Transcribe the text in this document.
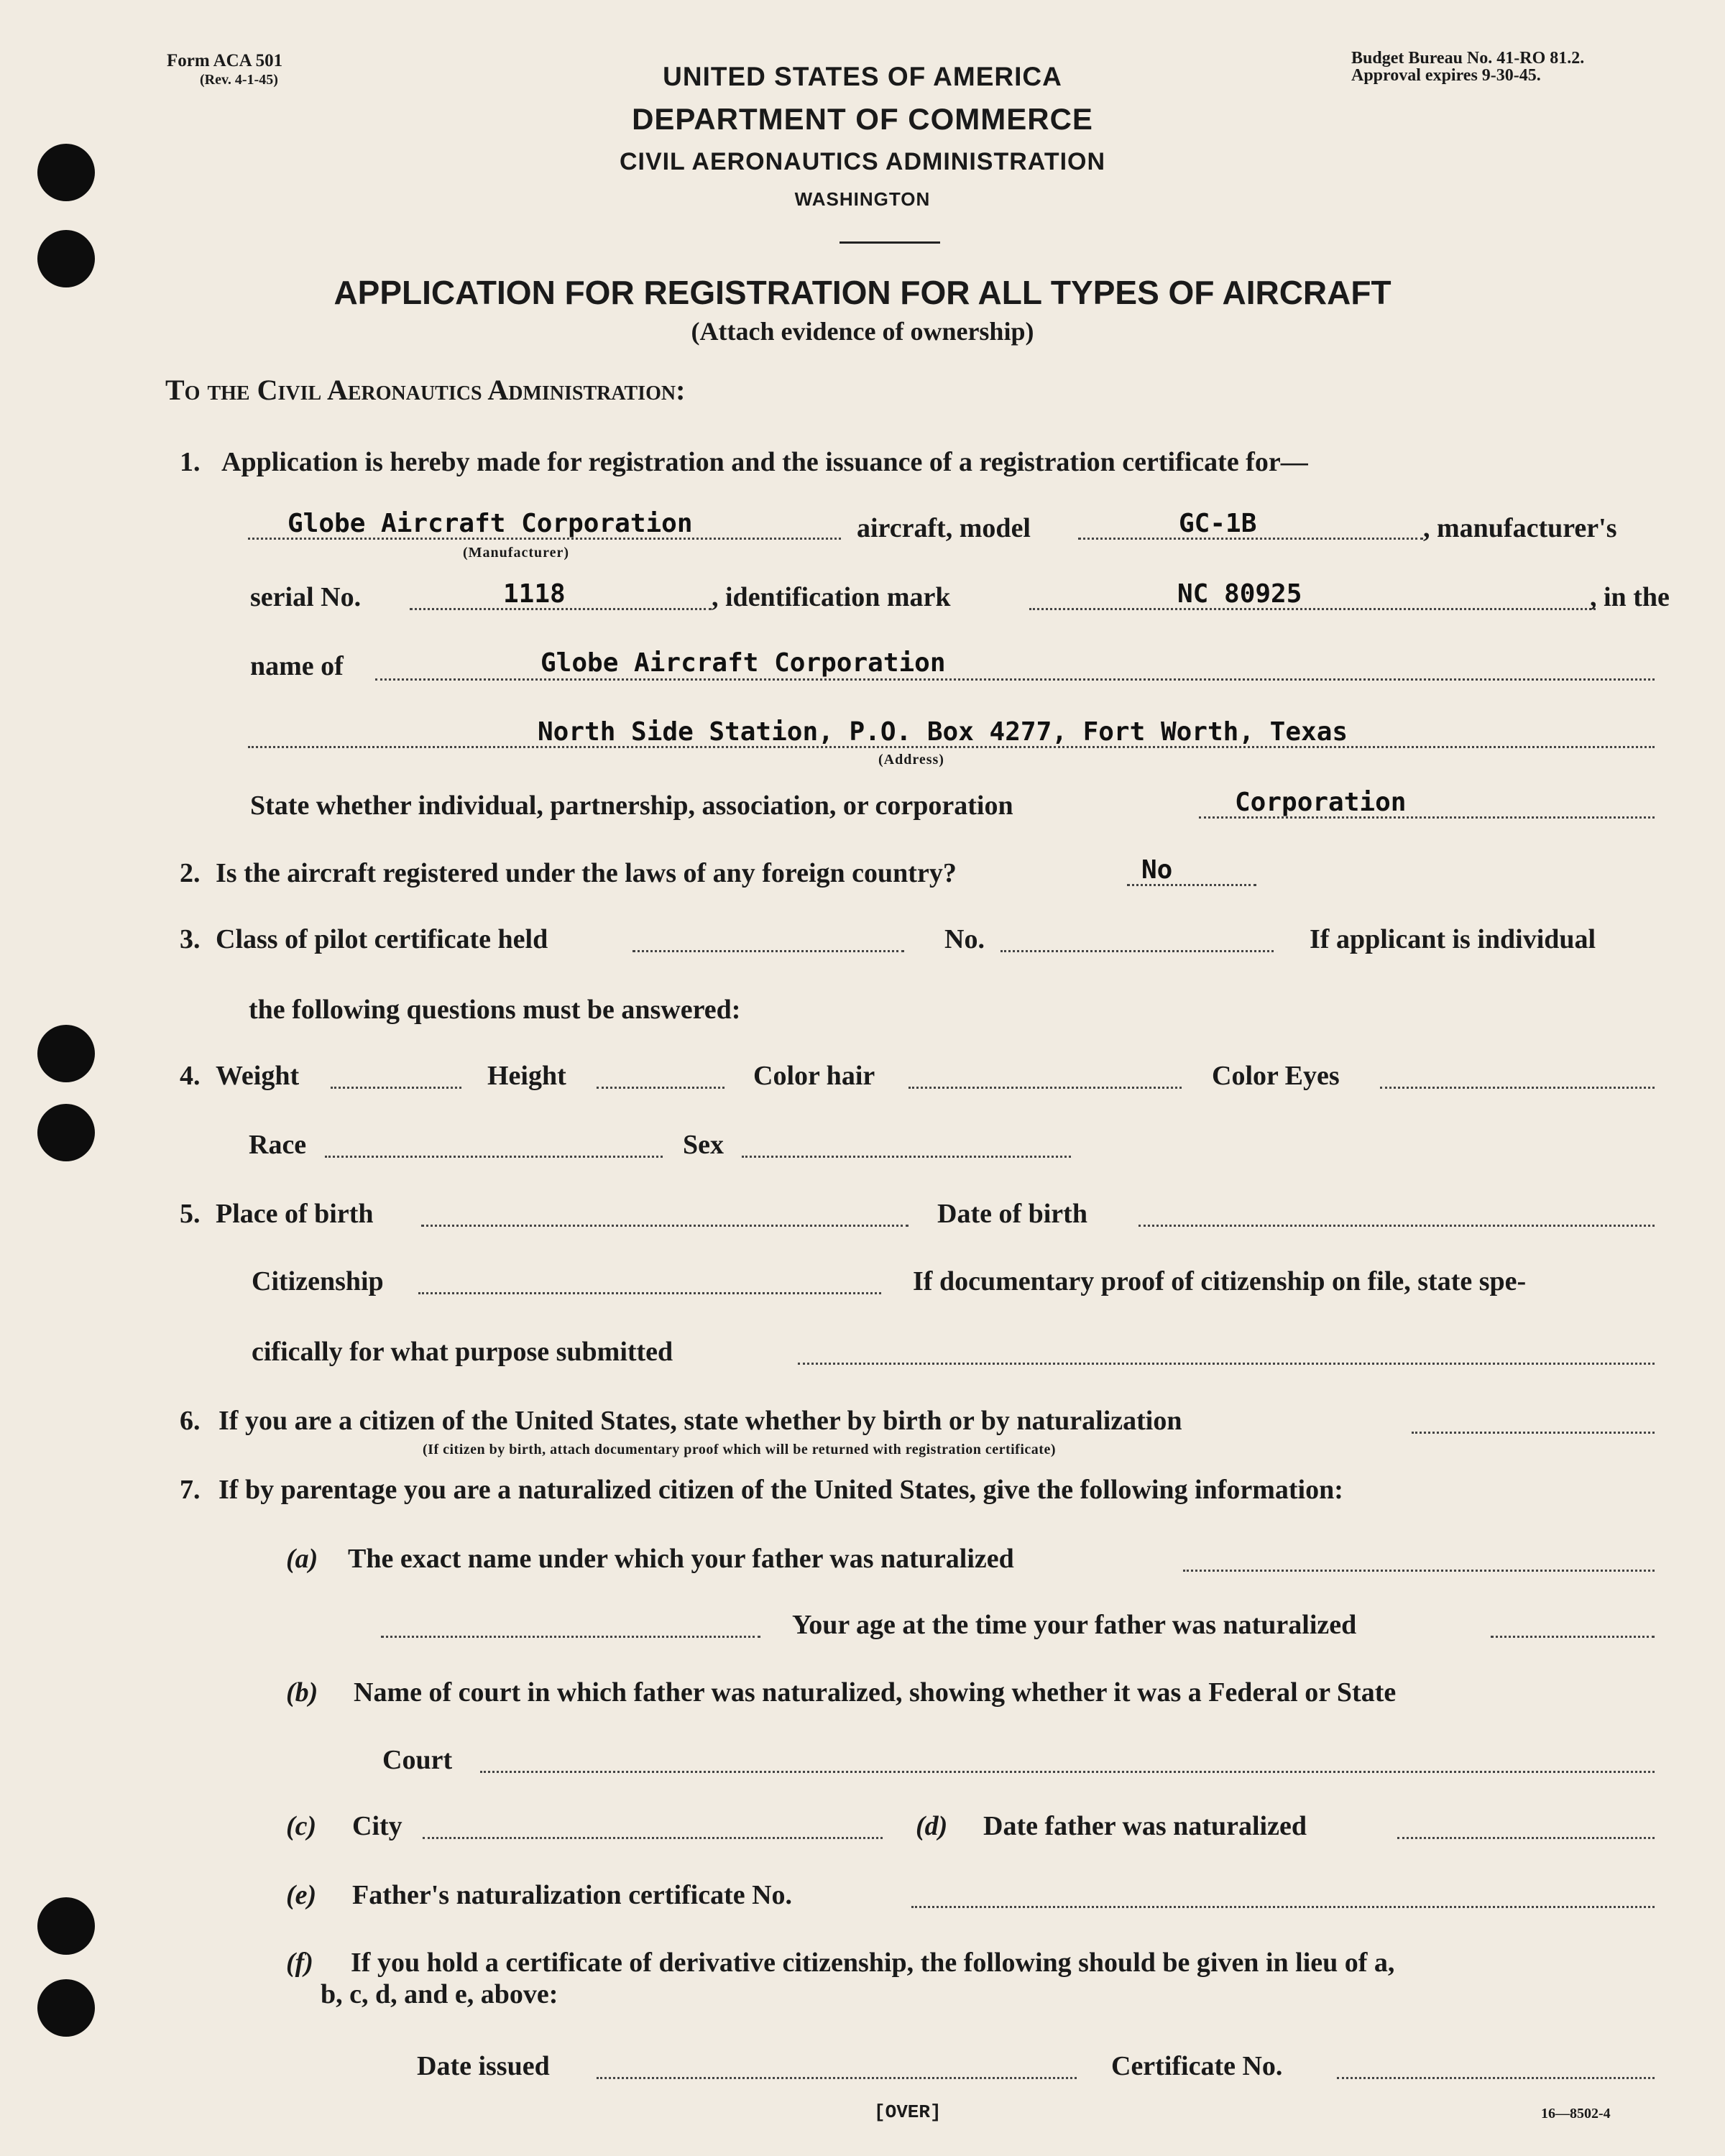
Form ACA 501
(Rev. 4-1-45)
Budget Bureau No. 41-RO 81.2.
Approval expires 9-30-45.
UNITED STATES OF AMERICA
DEPARTMENT OF COMMERCE
CIVIL AERONAUTICS ADMINISTRATION
WASHINGTON
APPLICATION FOR REGISTRATION FOR ALL TYPES OF AIRCRAFT
(Attach evidence of ownership)
To the Civil Aeronautics Administration:
1. Application is hereby made for registration and the issuance of a registration certificate for—
Globe Aircraft Corporation
(Manufacturer)
aircraft, model	GC-1B	, manufacturer's
serial No.	1118	, identification mark	NC 80925	, in the
name of	Globe Aircraft Corporation
North Side Station, P.O. Box 4277, Fort Worth, Texas
(Address)
State whether individual, partnership, association, or corporation	Corporation
2. Is the aircraft registered under the laws of any foreign country?	No
3. Class of pilot certificate held	No.	If applicant is individual
the following questions must be answered:
4. Weight	Height	Color hair	Color Eyes
Race	Sex
5. Place of birth	Date of birth
Citizenship	If documentary proof of citizenship on file, state spe-
cifically for what purpose submitted
6. If you are a citizen of the United States, state whether by birth or by naturalization
(If citizen by birth, attach documentary proof which will be returned with registration certificate)
7. If by parentage you are a naturalized citizen of the United States, give the following information:
(a) The exact name under which your father was naturalized
Your age at the time your father was naturalized
(b) Name of court in which father was naturalized, showing whether it was a Federal or State
Court
(c) City	(d) Date father was naturalized
(e) Father's naturalization certificate No.
(f) If you hold a certificate of derivative citizenship, the following should be given in lieu of a,
b, c, d, and e, above:
Date issued	Certificate No.
[OVER]	16—8502-4
